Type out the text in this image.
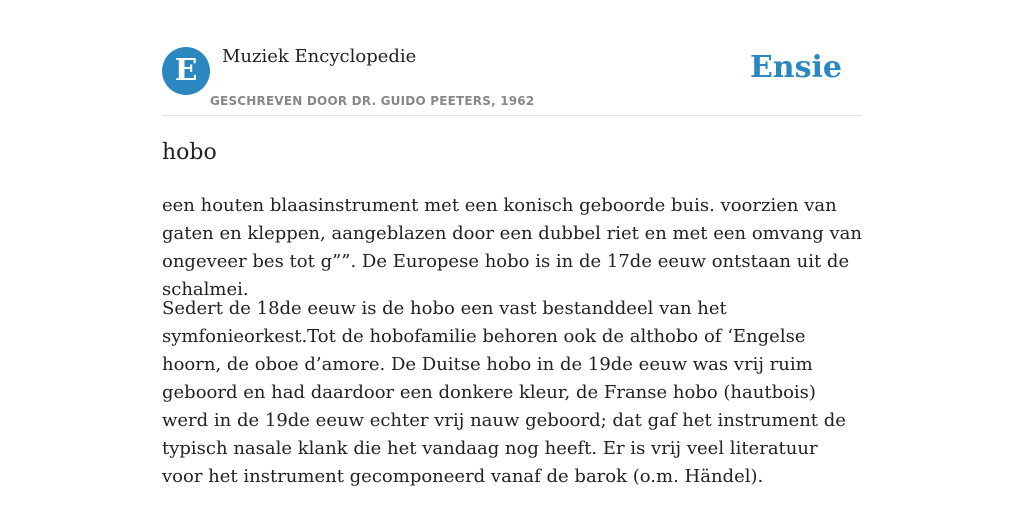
E	Muziek Encyclopedie
GESCHREVEN DOOR DR. GUIDO PEETERS, 1962
Ensie
hobo

een houten blaasinstrument met een konisch geboorde buis. voorzien van gaten en kleppen, aangeblazen door een dubbel riet en met een omvang van ongeveer bes tot g””. De Europese hobo is in de 17de eeuw ontstaan uit de schalmei.

Sedert de 18de eeuw is de hobo een vast bestanddeel van het symfonieorkest.Tot de hobofamilie behoren ook de althobo of ‘Engelse hoorn, de oboe d’amore. De Duitse hobo in de 19de eeuw was vrij ruim geboord en had daardoor een donkere kleur, de Franse hobo (hautbois) werd in de 19de eeuw echter vrij nauw geboord; dat gaf het instrument de typisch nasale klank die het vandaag nog heeft. Er is vrij veel literatuur voor het instrument gecomponeerd vanaf de barok (o.m. Händel).
